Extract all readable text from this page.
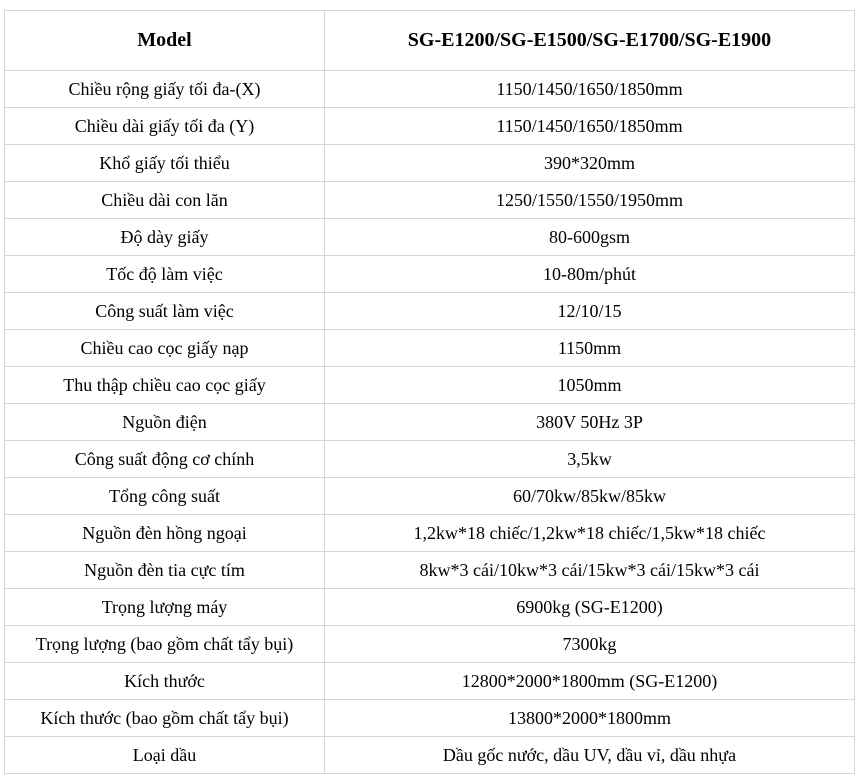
Model	SG-E1200/SG-E1500/SG-E1700/SG-E1900
Chiều rộng giấy tối đa-(X)	1150/1450/1650/1850mm
Chiều dài giấy tối đa (Y)	1150/1450/1650/1850mm
Khổ giấy tối thiểu	390*320mm
Chiều dài con lăn	1250/1550/1550/1950mm
Độ dày giấy	80-600gsm
Tốc độ làm việc	10-80m/phút
Công suất làm việc	12/10/15
Chiều cao cọc giấy nạp	1150mm
Thu thập chiều cao cọc giấy	1050mm
Nguồn điện	380V 50Hz 3P
Công suất động cơ chính	3,5kw
Tổng công suất	60/70kw/85kw/85kw
Nguồn đèn hồng ngoại	1,2kw*18 chiếc/1,2kw*18 chiếc/1,5kw*18 chiếc
Nguồn đèn tia cực tím	8kw*3 cái/10kw*3 cái/15kw*3 cái/15kw*3 cái
Trọng lượng máy	6900kg (SG-E1200)
Trọng lượng (bao gồm chất tẩy bụi)	7300kg
Kích thước	12800*2000*1800mm (SG-E1200)
Kích thước (bao gồm chất tẩy bụi)	13800*2000*1800mm
Loại dầu	Dầu gốc nước, dầu UV, dầu vỉ, dầu nhựa
